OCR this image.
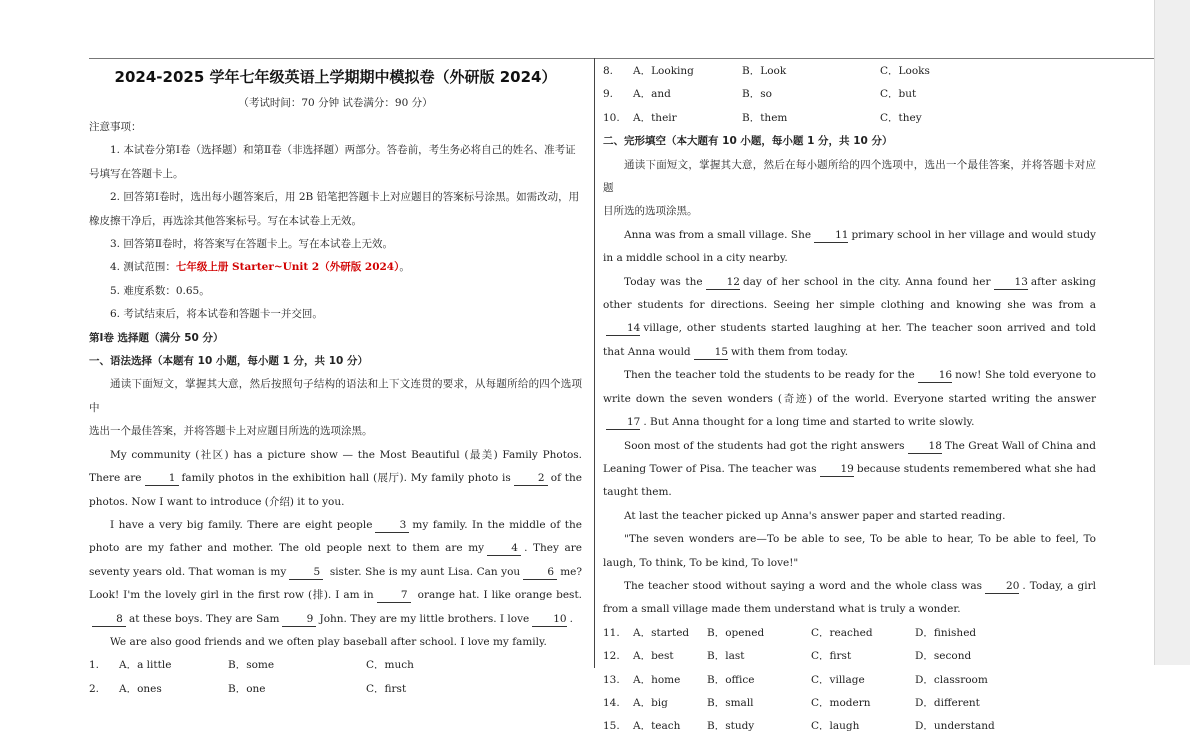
2024-2025 学年七年级英语上学期期中模拟卷（外研版 2024）
（考试时间：70 分钟 试卷满分：90 分）

注意事项：

1. 本试卷分第Ⅰ卷（选择题）和第Ⅱ卷（非选择题）两部分。答卷前，考生务必将自己的姓名、准考证

号填写在答题卡上。

2. 回答第Ⅰ卷时，选出每小题答案后，用 2B 铅笔把答题卡上对应题目的答案标号涂黑。如需改动，用

橡皮擦干净后，再选涂其他答案标号。写在本试卷上无效。

3. 回答第Ⅱ卷时，将答案写在答题卡上。写在本试卷上无效。

4. 测试范围：七年级上册 Starter~Unit 2（外研版 2024）。

5. 难度系数：0.65。

6. 考试结束后，将本试卷和答题卡一并交回。

第Ⅰ卷 选择题（满分 50 分）

一、语法选择（本题有 10 小题，每小题 1 分，共 10 分）

通读下面短文，掌握其大意，然后按照句子结构的语法和上下文连贯的要求，从每题所给的四个选项中

选出一个最佳答案，并将答题卡上对应题目所选的选项涂黑。

My community (社区) has a picture show — the Most Beautiful (最美) Family Photos. There are	1 family photos in the exhibition hall (展厅). My family photo is	2 of the photos. Now I want to introduce (介绍) it to you.

I have a very big family. There are eight people	3 my family. In the middle of the photo are my father and mother. The old people next to them are my	4 . They are seventy years old. That woman is my	5 sister. She is my aunt Lisa. Can you	6 me? Look! I'm the lovely girl in the first row (排). I am in	7 orange hat. I like orange best.8 at these boys. They are Sam	9 John. They are my little brothers. I love 10 .

We are also good friends and we often play baseball after school. I love my family.

1.	A．a little	B．some	C．much
2.	A．ones	B．one	C．first
8.	A．Looking	B．Look	C．Looks
9.	A．and	B．so	C．but
10.	A．their	B．them	C．they

二、完形填空（本大题有 10 小题，每小题 1 分，共 10 分）

通读下面短文，掌握其大意，然后在每小题所给的四个选项中，选出一个最佳答案，并将答题卡对应题

目所选的选项涂黑。

Anna was from a small village. She 11 primary school in her village and would study in a middle school in a city nearby.

Today was the 12 day of her school in the city. Anna found her 13 after asking other students for directions. Seeing her simple clothing and knowing she was from a14 village, other students started laughing at her. The teacher soon arrived and told that Anna would 15 with them from today.

Then the teacher told the students to be ready for the 16 now! She told everyone to write down the seven wonders (奇迹) of the world. Everyone started writing the answer17 . But Anna thought for a long time and started to write slowly.

Soon most of the students had got the right answers 18 The Great Wall of China and Leaning Tower of Pisa. The teacher was 19 because students remembered what she had taught them.

At last the teacher picked up Anna's answer paper and started reading.

"The seven wonders are—To be able to see, To be able to hear, To be able to feel, To laugh, To think, To be kind, To love!"

The teacher stood without saying a word and the whole class was 20 . Today, a girl from a small village made them understand what is truly a wonder.

11.	A．started	B．opened	C．reached	D．finished
12.	A．best	B．last	C．first	D．second
13.	A．home	B．office	C．village	D．classroom
14.	A．big	B．small	C．modern	D．different
15.	A．teach	B．study	C．laugh	D．understand
